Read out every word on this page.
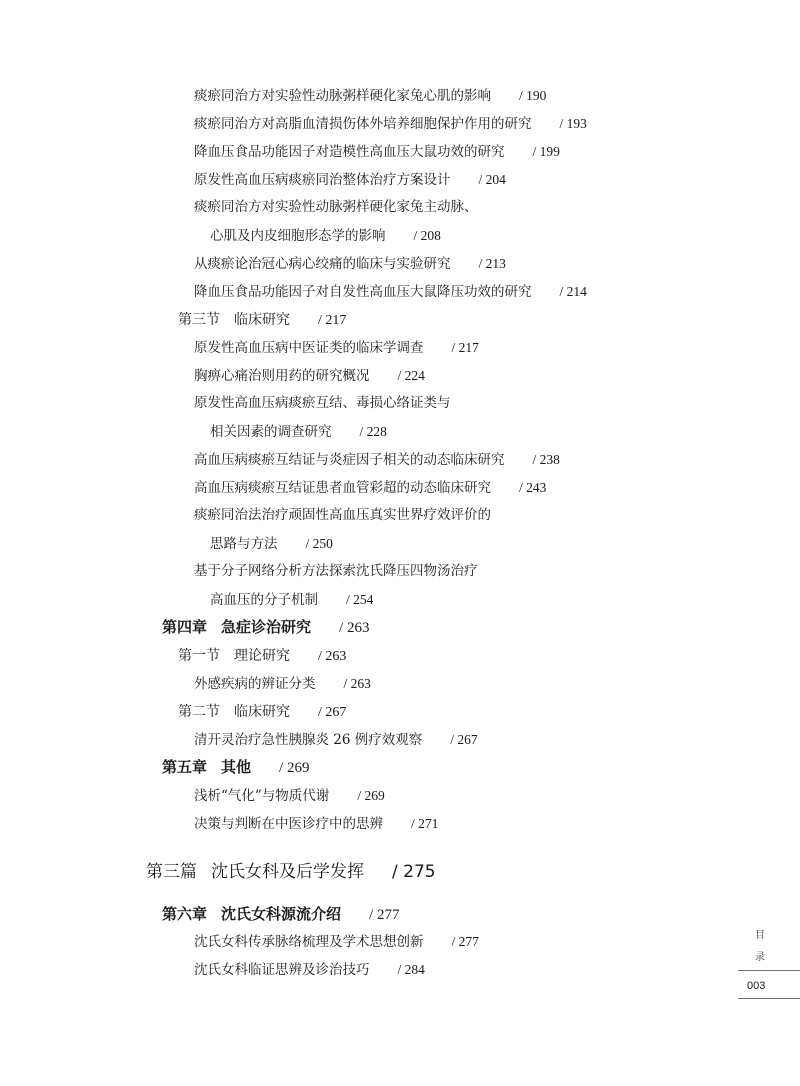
痰瘀同治方对实验性动脉粥样硬化家兔心肌的影响 / 190
痰瘀同治方对高脂血清损伤体外培养细胞保护作用的研究 / 193
降血压食品功能因子对造模性高血压大鼠功效的研究 / 199
原发性高血压病痰瘀同治整体治疗方案设计 / 204
痰瘀同治方对实验性动脉粥样硬化家兔主动脉、
心肌及内皮细胞形态学的影响 / 208
从痰瘀论治冠心病心绞痛的临床与实验研究 / 213
降血压食品功能因子对自发性高血压大鼠降压功效的研究 / 214
第三节 临床研究 / 217
原发性高血压病中医证类的临床学调查 / 217
胸痹心痛治则用药的研究概况 / 224
原发性高血压病痰瘀互结、毒损心络证类与
相关因素的调查研究 / 228
高血压病痰瘀互结证与炎症因子相关的动态临床研究 / 238
高血压病痰瘀互结证患者血管彩超的动态临床研究 / 243
痰瘀同治法治疗顽固性高血压真实世界疗效评价的
思路与方法 / 250
基于分子网络分析方法探索沈氏降压四物汤治疗
高血压的分子机制 / 254
第四章 急症诊治研究 / 263
第一节 理论研究 / 263
外感疾病的辨证分类 / 263
第二节 临床研究 / 267
清开灵治疗急性胰腺炎 26 例疗效观察 / 267
第五章 其他 / 269
浅析“气化”与物质代谢 / 269
决策与判断在中医诊疗中的思辨 / 271
第三篇 沈氏女科及后学发挥 / 275
第六章 沈氏女科源流介绍 / 277
沈氏女科传承脉络梳理及学术思想创新 / 277
沈氏女科临证思辨及诊治技巧 / 284
目
录
003
